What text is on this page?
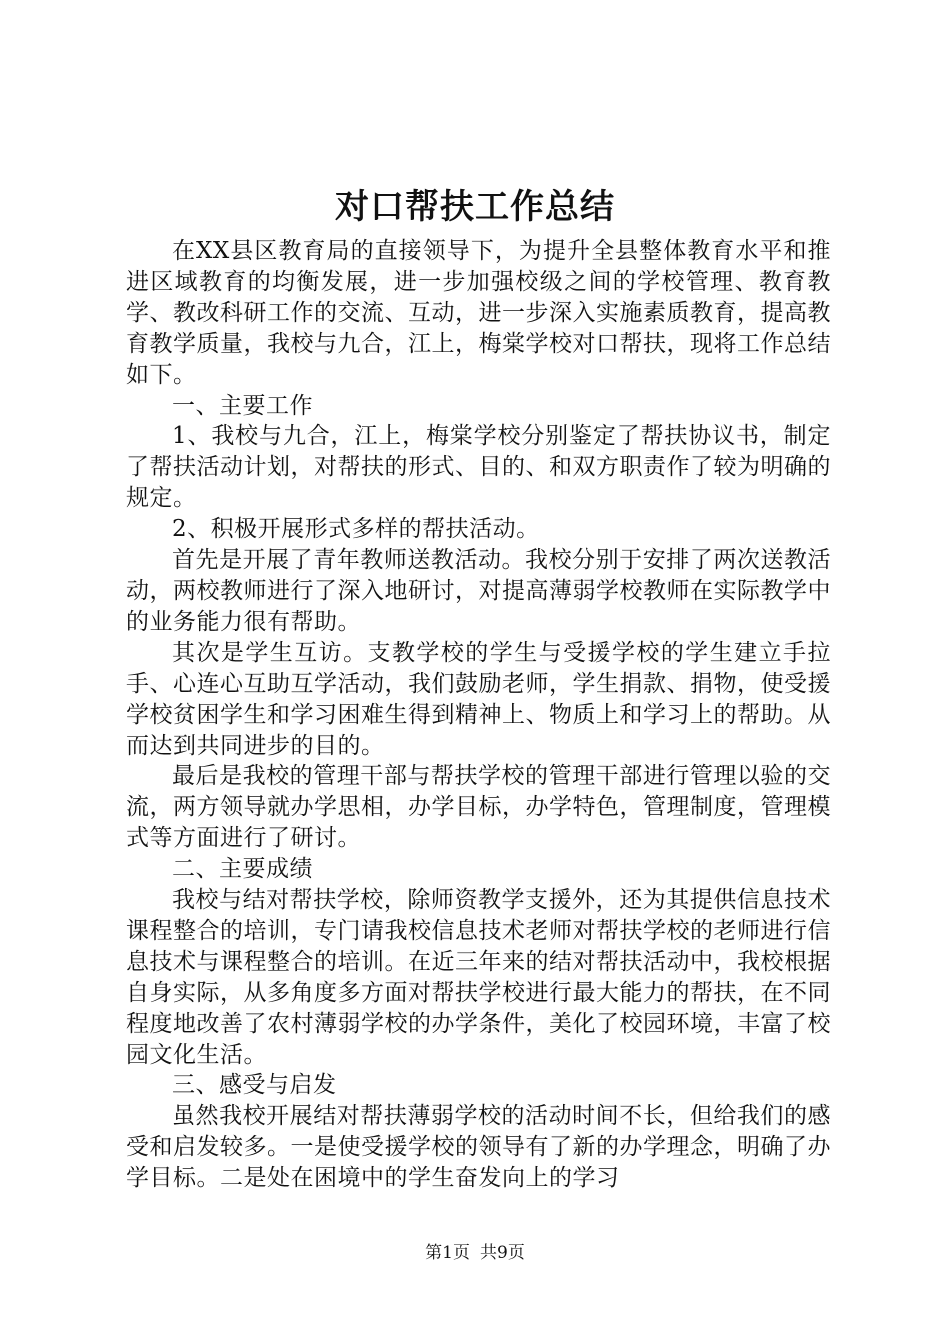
对口帮扶工作总结

在XX县区教育局的直接领导下，为提升全县整体教育水平和推进区域教育的均衡发展，进一步加强校级之间的学校管理、教育教学、教改科研工作的交流、互动，进一步深入实施素质教育，提高教育教学质量，我校与九合，江上，梅棠学校对口帮扶，现将工作总结如下。

一、主要工作

1、我校与九合，江上，梅棠学校分别鉴定了帮扶协议书，制定了帮扶活动计划，对帮扶的形式、目的、和双方职责作了较为明确的规定。

2、积极开展形式多样的帮扶活动。

首先是开展了青年教师送教活动。我校分别于安排了两次送教活动，两校教师进行了深入地研讨，对提高薄弱学校教师在实际教学中的业务能力很有帮助。

其次是学生互访。支教学校的学生与受援学校的学生建立手拉手、心连心互助互学活动，我们鼓励老师，学生捐款、捐物，使受援学校贫困学生和学习困难生得到精神上、物质上和学习上的帮助。从而达到共同进步的目的。

最后是我校的管理干部与帮扶学校的管理干部进行管理以验的交流，两方领导就办学思相，办学目标，办学特色，管理制度，管理模式等方面进行了研讨。

二、主要成绩

我校与结对帮扶学校，除师资教学支援外，还为其提供信息技术课程整合的培训，专门请我校信息技术老师对帮扶学校的老师进行信息技术与课程整合的培训。在近三年来的结对帮扶活动中，我校根据自身实际，从多角度多方面对帮扶学校进行最大能力的帮扶，在不同程度地改善了农村薄弱学校的办学条件，美化了校园环境，丰富了校园文化生活。

三、感受与启发

虽然我校开展结对帮扶薄弱学校的活动时间不长，但给我们的感受和启发较多。一是使受援学校的领导有了新的办学理念，明确了办学目标。二是处在困境中的学生奋发向上的学习

第1页 共9页
